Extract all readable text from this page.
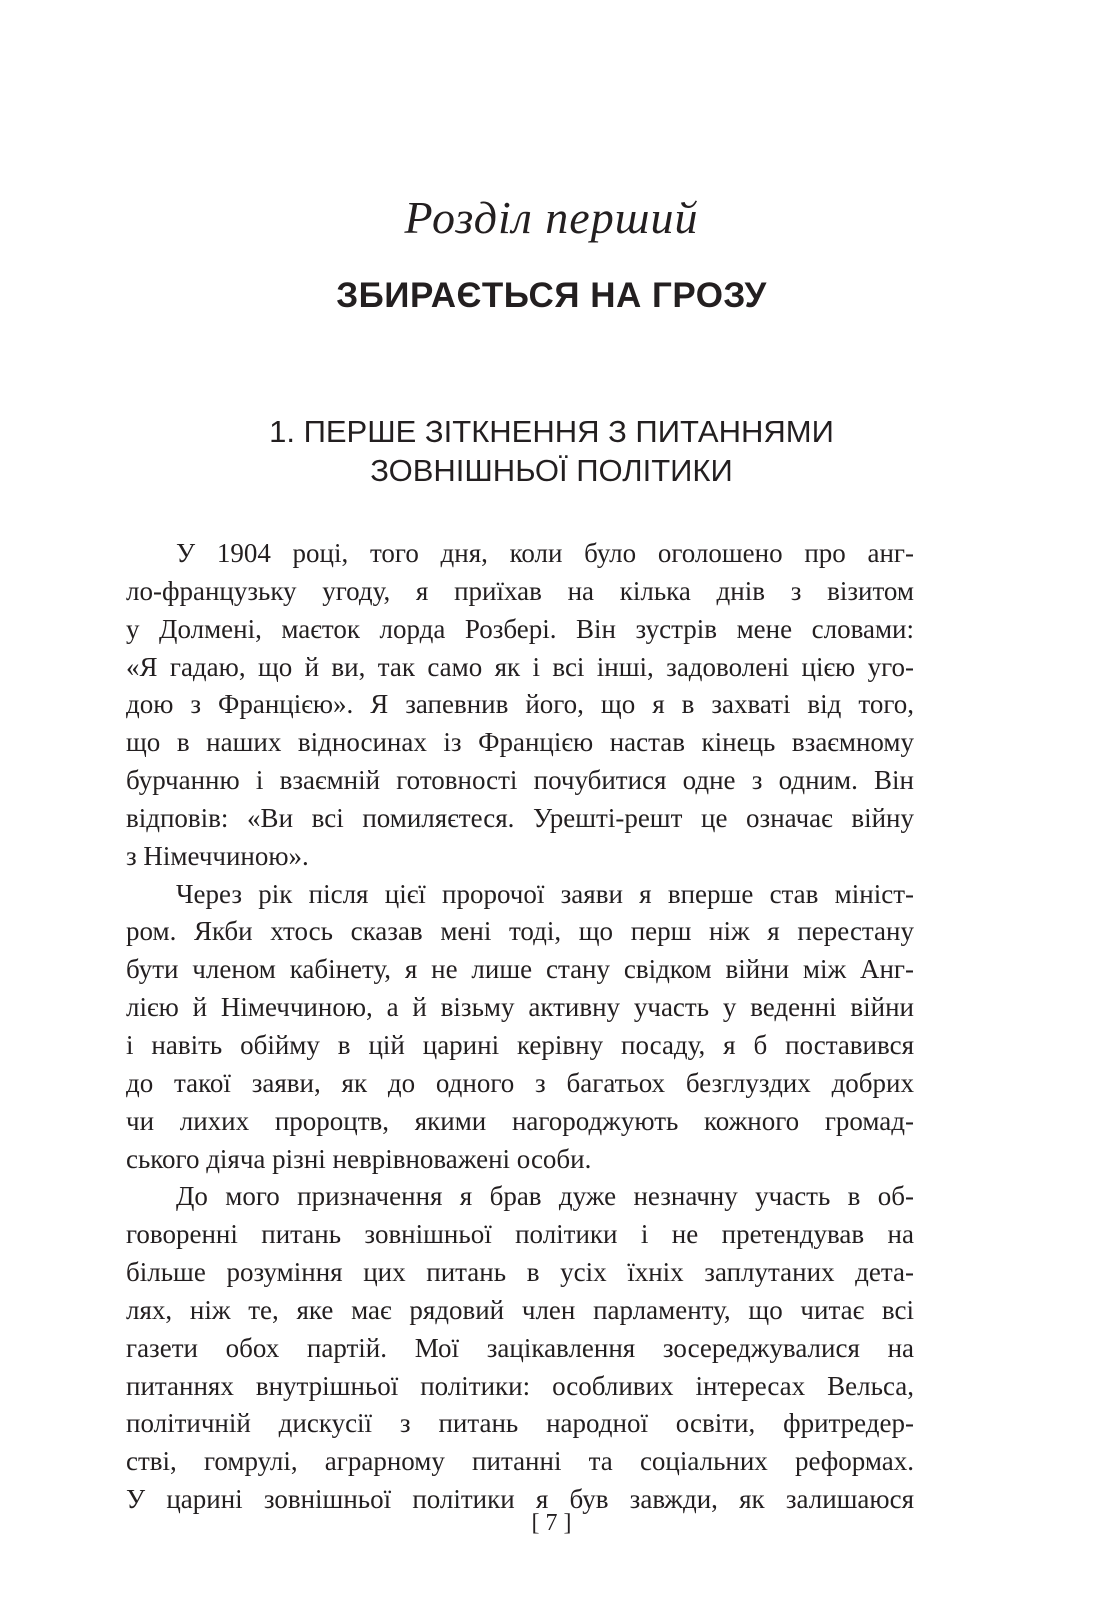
Розділ перший
ЗБИРАЄТЬСЯ НА ГРОЗУ
1. ПЕРШЕ ЗІТКНЕННЯ З ПИТАННЯМИ
ЗОВНІШНЬОЇ ПОЛІТИКИ
У 1904 році, того дня, коли було оголошено про анг-
ло-французьку угоду, я приїхав на кілька днів з візитом
у Долмені, маєток лорда Розбері. Він зустрів мене словами:
«Я гадаю, що й ви, так само як і всі інші, задоволені цією уго-
дою з Францією». Я запевнив його, що я в захваті від того,
що в наших відносинах із Францією настав кінець взаємному
бурчанню і взаємній готовності почубитися одне з одним. Він
відповів: «Ви всі помиляєтеся. Урешті-решт це означає війну
з Німеччиною».
Через рік після цієї пророчої заяви я вперше став мініст-
ром. Якби хтось сказав мені тоді, що перш ніж я перестану
бути членом кабінету, я не лише стану свідком війни між Анг-
лією й Німеччиною, а й візьму активну участь у веденні війни
і навіть обійму в цій царині керівну посаду, я б поставився
до такої заяви, як до одного з багатьох безглуздих добрих
чи лихих пророцтв, якими нагороджують кожного громад-
ського діяча різні неврівноважені особи.
До мого призначення я брав дуже незначну участь в об-
говоренні питань зовнішньої політики і не претендував на
більше розуміння цих питань в усіх їхніх заплутаних дета-
лях, ніж те, яке має рядовий член парламенту, що читає всі
газети обох партій. Мої зацікавлення зосереджувалися на
питаннях внутрішньої політики: особливих інтересах Вельса,
політичній дискусії з питань народної освіти, фритредер-
стві, гомрулі, аграрному питанні та соціальних реформах.
У царині зовнішньої політики я був завжди, як залишаюся
[ 7 ]
